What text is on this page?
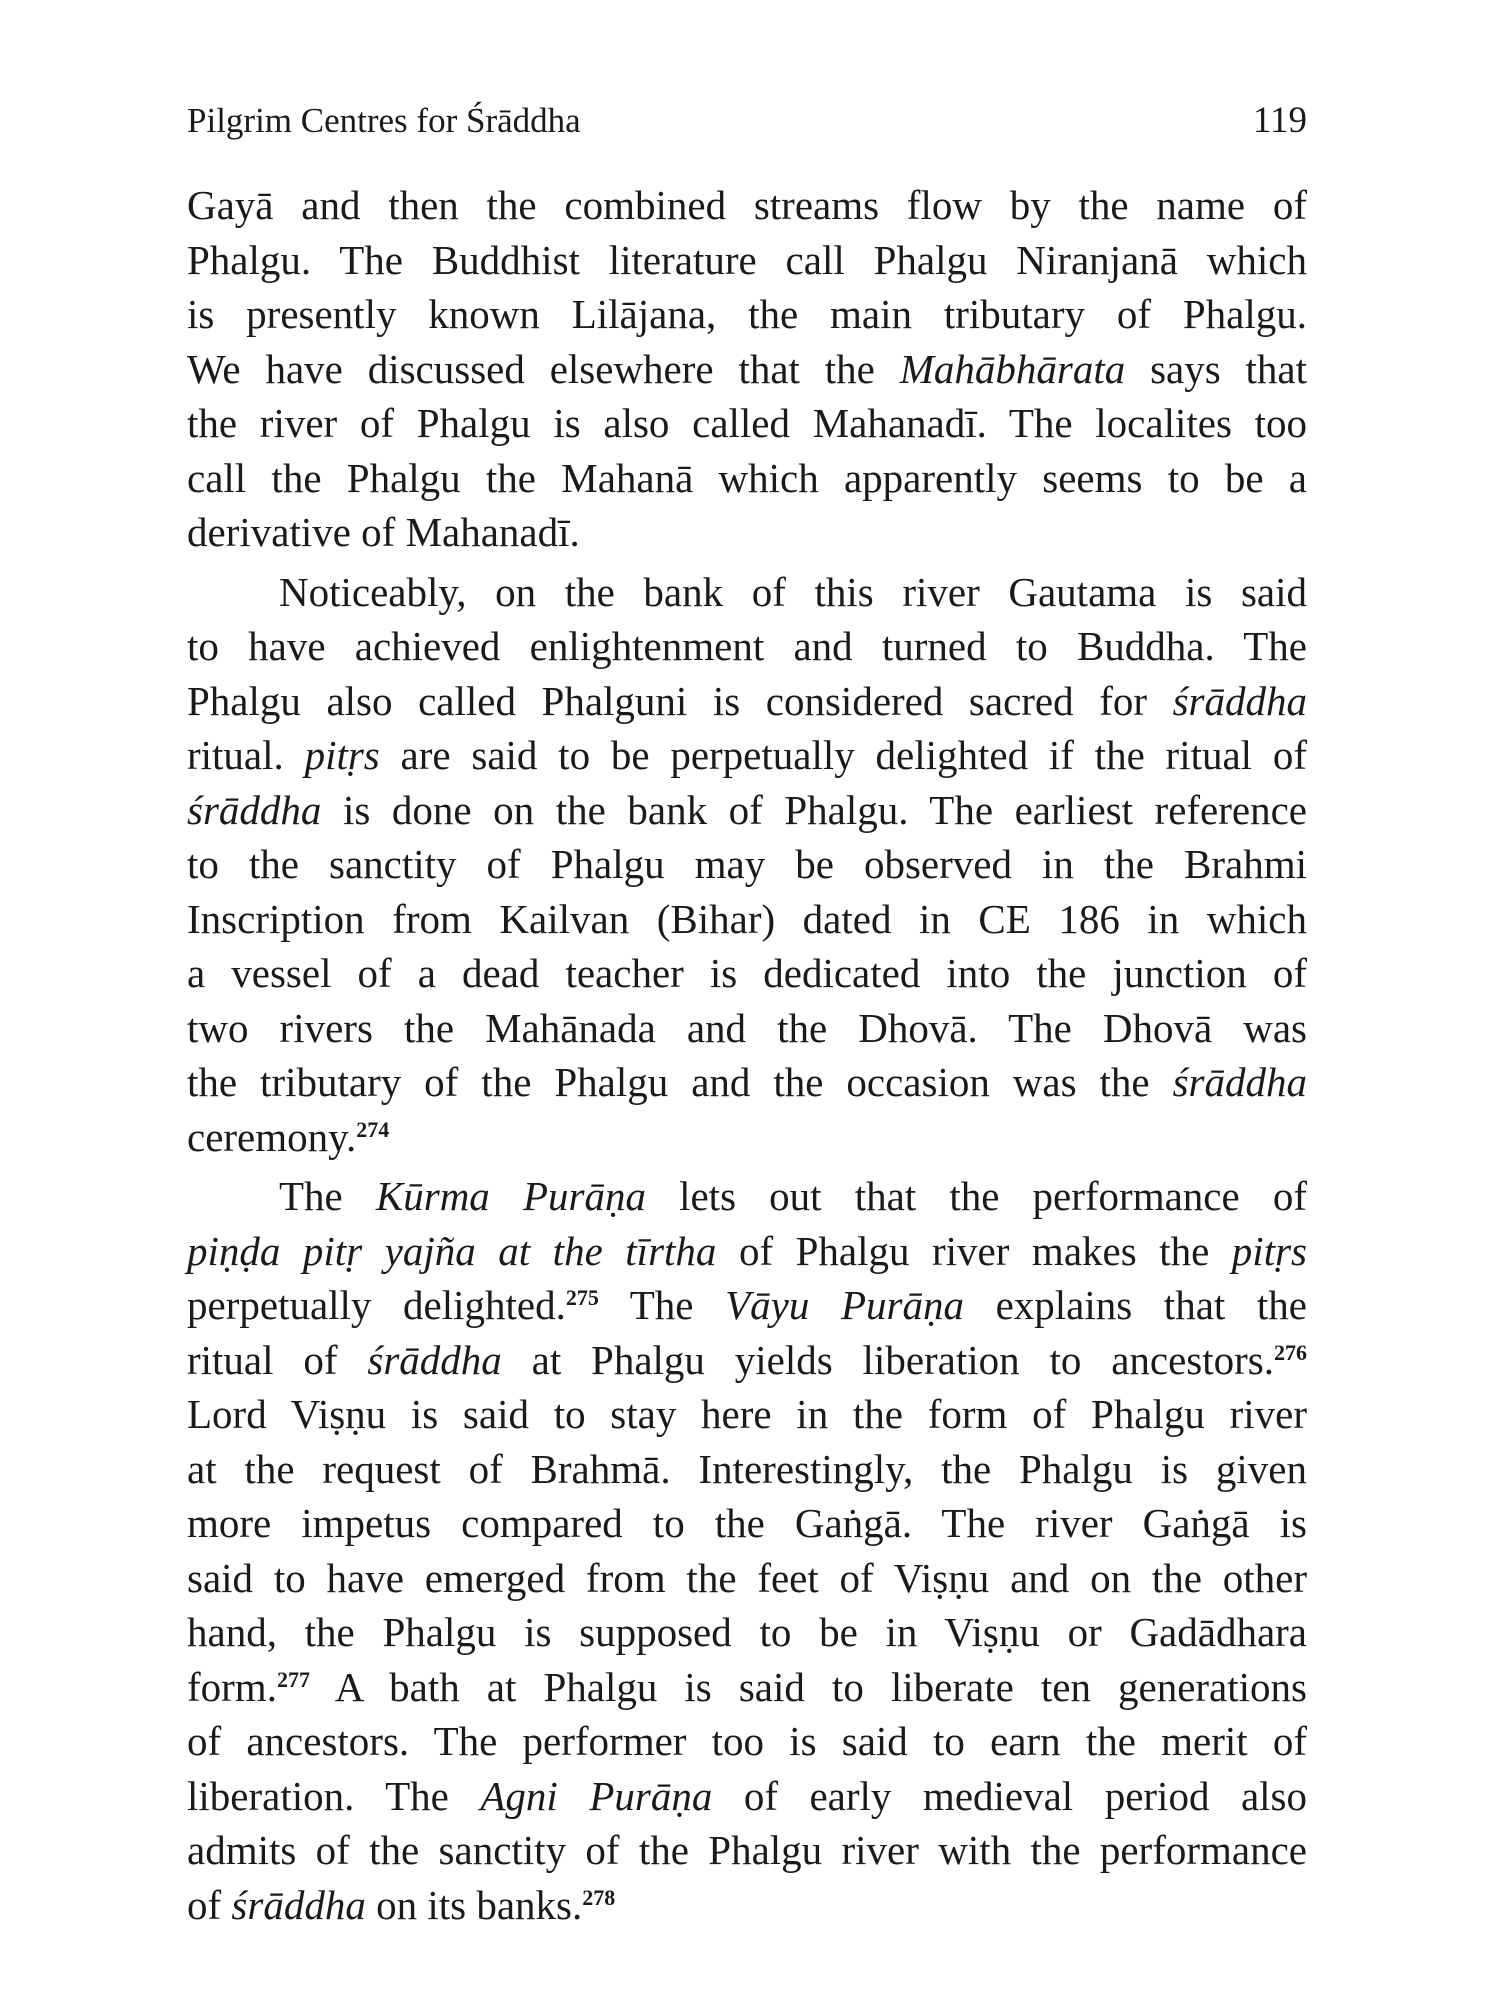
Pilgrim Centres for Śrāddha	119
Gayā and then the combined streams flow by the name of
Phalgu. The Buddhist literature call Phalgu Niranjanā which
is presently known Lilājana, the main tributary of Phalgu.
We have discussed elsewhere that the Mahābhārata says that
the river of Phalgu is also called Mahanadī. The localites too
call the Phalgu the Mahanā which apparently seems to be a
derivative of Mahanadī.
Noticeably, on the bank of this river Gautama is said
to have achieved enlightenment and turned to Buddha. The
Phalgu also called Phalguni is considered sacred for śrāddha
ritual. pitṛs are said to be perpetually delighted if the ritual of
śrāddha is done on the bank of Phalgu. The earliest reference
to the sanctity of Phalgu may be observed in the Brahmi
Inscription from Kailvan (Bihar) dated in CE 186 in which
a vessel of a dead teacher is dedicated into the junction of
two rivers the Mahānada and the Dhovā. The Dhovā was
the tributary of the Phalgu and the occasion was the śrāddha
ceremony.$^{274}$
The Kūrma Purāṇa lets out that the performance of
piṇḍa pitṛ yajña at the tīrtha of Phalgu river makes the pitṛs
perpetually delighted.$^{275}$ The Vāyu Purāṇa explains that the
ritual of śrāddha at Phalgu yields liberation to ancestors.$^{276}$
Lord Viṣṇu is said to stay here in the form of Phalgu river
at the request of Brahmā. Interestingly, the Phalgu is given
more impetus compared to the Gaṅgā. The river Gaṅgā is
said to have emerged from the feet of Viṣṇu and on the other
hand, the Phalgu is supposed to be in Viṣṇu or Gadādhara
form.$^{277}$ A bath at Phalgu is said to liberate ten generations
of ancestors. The performer too is said to earn the merit of
liberation. The Agni Purāṇa of early medieval period also
admits of the sanctity of the Phalgu river with the performance
of śrāddha on its banks.$^{278}$
